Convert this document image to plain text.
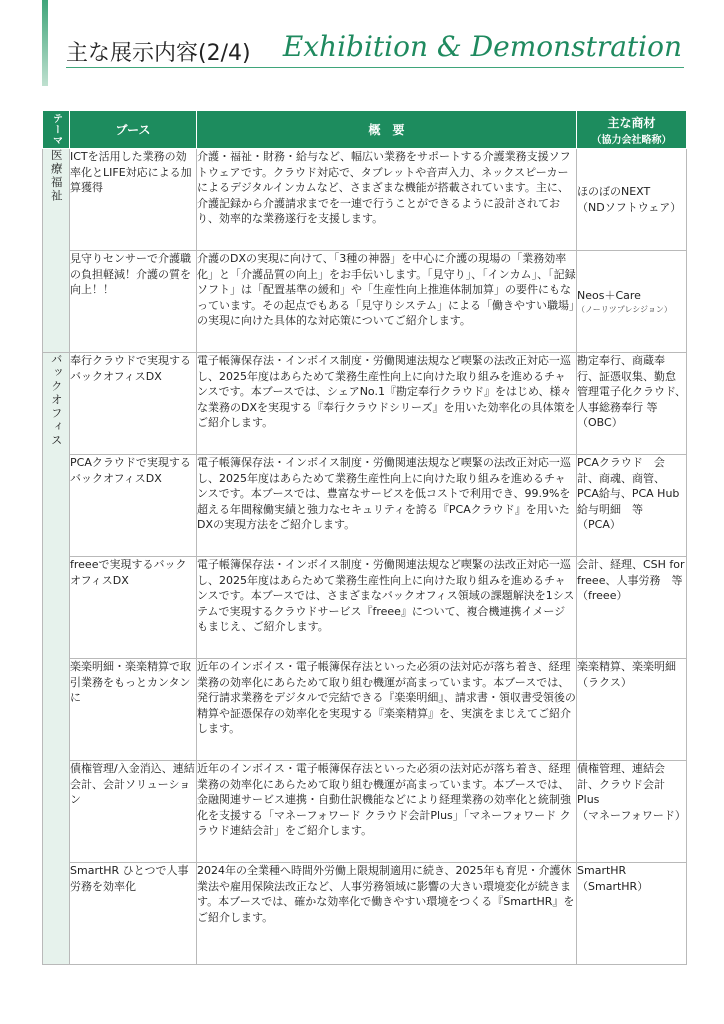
主な展示内容(2/4) Exhibition & Demonstration
テーマ	ブース	概　要	主な商材
（協力会社略称）

医療福祉	ICTを活用した業務の効率化とLIFE対応による加算獲得	介護・福祉・財務・給与など、幅広い業務をサポートする介護業務支援ソフトウェアです。クラウド対応で、タブレットや音声入力、ネックスピーカーによるデジタルインカムなど、さまざまな機能が搭載されています。主に、介護記録から介護請求までを一連で行うことができるように設計されており、効率的な業務遂行を支援します。	ほのぼのNEXT
（NDソフトウェア）
	見守りセンサーで介護職の負担軽減！介護の質を向上！！	介護のDXの実現に向けて、「3種の神器」を中心に介護の現場の「業務効率化」と「介護品質の向上」をお手伝いします。「見守り」、「インカム」、「記録ソフト」は「配置基準の緩和」や「生産性向上推進体制加算」の要件にもなっています。その起点でもある「見守りシステム」による「働きやすい職場」の実現に向けた具体的な対応策についてご紹介します。	Neos＋Care
（ノーリツプレシジョン）

バックオフィス	奉行クラウドで実現するバックオフィスDX	電子帳簿保存法・インボイス制度・労働関連法規など喫緊の法改正対応一巡し、2025年度はあらためて業務生産性向上に向けた取り組みを進めるチャンスです。本ブースでは、シェアNo.1『勘定奉行クラウド』をはじめ、様々な業務のDXを実現する『奉行クラウドシリーズ』を用いた効率化の具体策をご紹介します。	勘定奉行、商蔵奉行、証憑収集、勤怠管理電子化クラウド、人事総務奉行 等（OBC）
	PCAクラウドで実現するバックオフィスDX	電子帳簿保存法・インボイス制度・労働関連法規など喫緊の法改正対応一巡し、2025年度はあらためて業務生産性向上に向けた取り組みを進めるチャンスです。本ブースでは、豊富なサービスを低コストで利用でき、99.9%を超える年間稼働実績と強力なセキュリティを誇る『PCAクラウド』を用いたDXの実現方法をご紹介します。	PCAクラウド　会計、商魂、商管、PCA給与、PCA Hub 給与明細　等
（PCA）
	freeeで実現するバックオフィスDX	電子帳簿保存法・インボイス制度・労働関連法規など喫緊の法改正対応一巡し、2025年度はあらためて業務生産性向上に向けた取り組みを進めるチャンスです。本ブースでは、さまざまなバックオフィス領域の課題解決を1システムで実現するクラウドサービス『freee』について、複合機連携イメージもまじえ、ご紹介します。	会計、経理、CSH for freee、人事労務　等
（freee）
	楽楽明細・楽楽精算で取引業務をもっとカンタンに	近年のインボイス・電子帳簿保存法といった必須の法対応が落ち着き、経理業務の効率化にあらためて取り組む機運が高まっています。本ブースでは、発行請求業務をデジタルで完結できる『楽楽明細』、請求書・領収書受領後の精算や証憑保存の効率化を実現する『楽楽精算』を、実演をまじえてご紹介します。	楽楽精算、楽楽明細
（ラクス）
	債権管理/入金消込、連結会計、会計ソリューション	近年のインボイス・電子帳簿保存法といった必須の法対応が落ち着き、経理業務の効率化にあらためて取り組む機運が高まっています。本ブースでは、金融関連サービス連携・自動仕訳機能などにより経理業務の効率化と統制強化を支援する「マネーフォワード クラウド会計Plus」「マネーフォワード クラウド連結会計」をご紹介します。	債権管理、連結会計、クラウド会計Plus
（マネーフォワード）
	SmartHR ひとつで人事労務を効率化	2024年の全業種へ時間外労働上限規制適用に続き、2025年も育児・介護休業法や雇用保険法改正など、人事労務領域に影響の大きい環境変化が続きます。本ブースでは、確かな効率化で働きやすい環境をつくる『SmartHR』をご紹介します。	SmartHR
（SmartHR）
